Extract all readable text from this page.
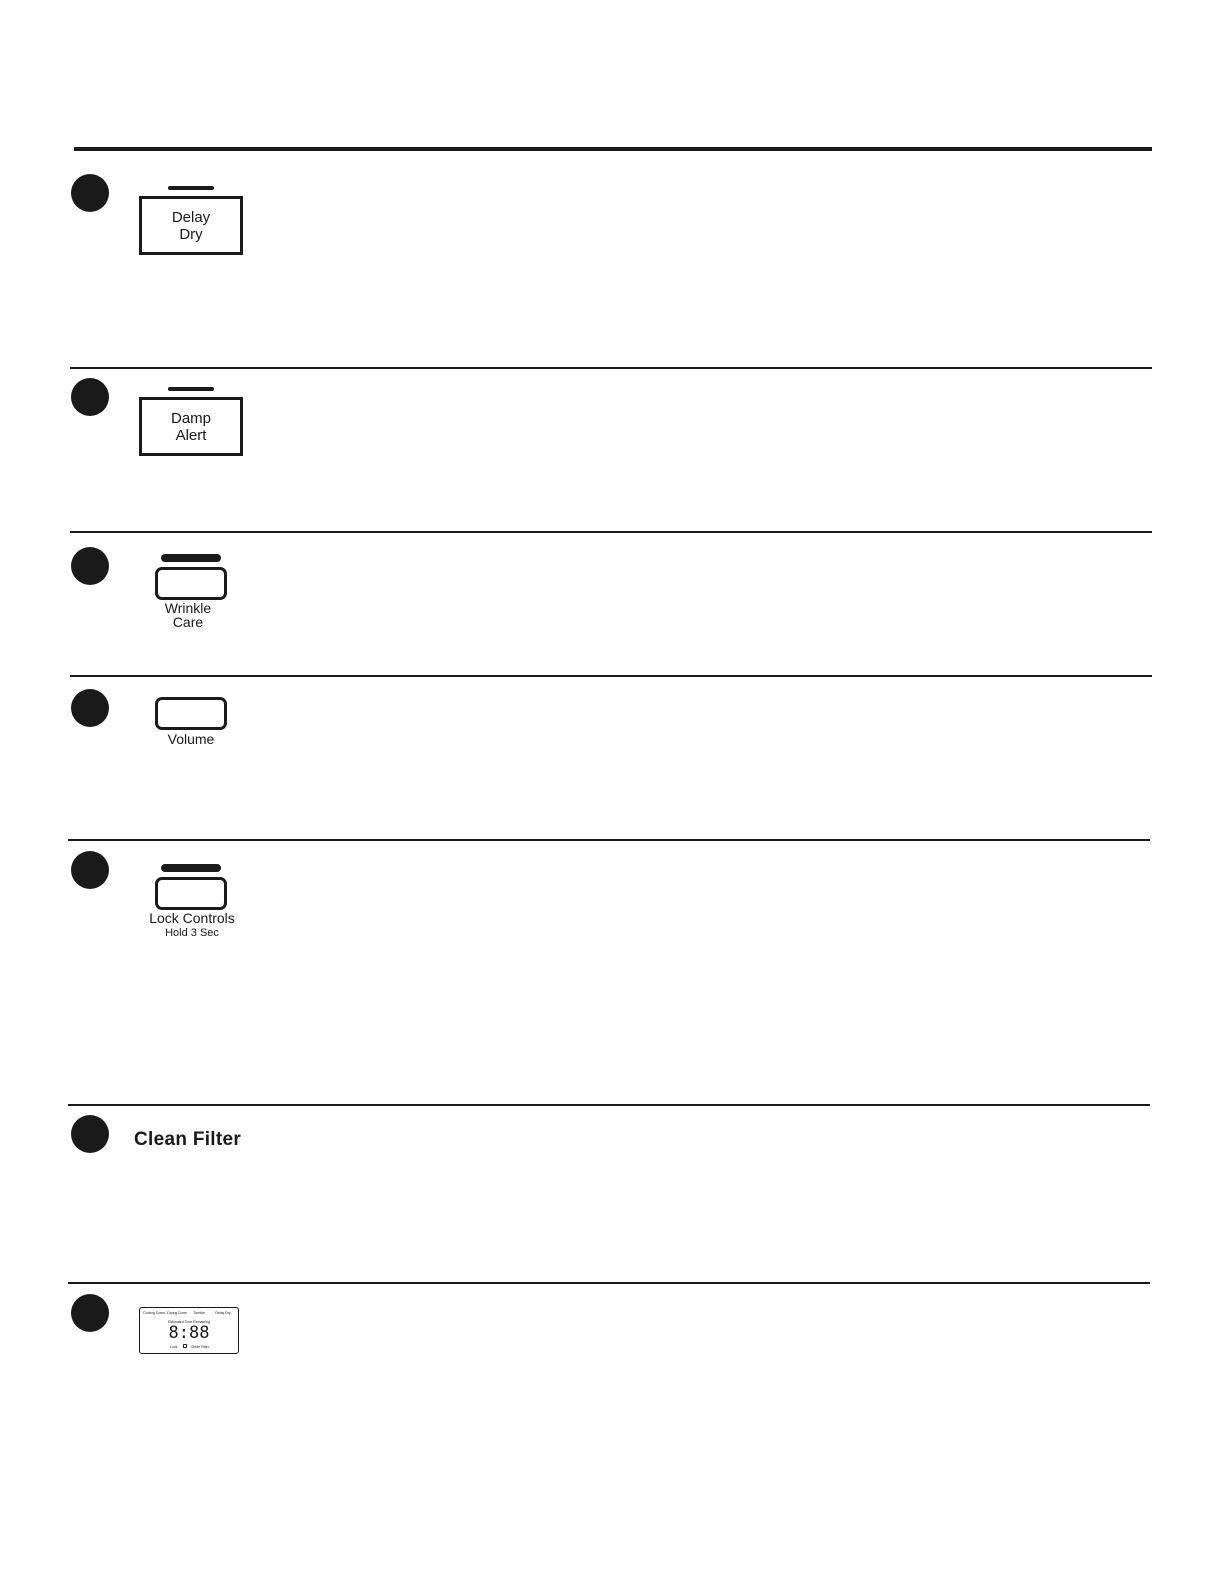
Delay
Dry
Damp
Alert
Wrinkle
Care
Volume
Lock Controls
Hold 3 Sec
Clean Filter
Cooling Down Drying Done	Tumble	Delay Dry
Estimated Time Remaining
8:88
Lock	Clean Filter
